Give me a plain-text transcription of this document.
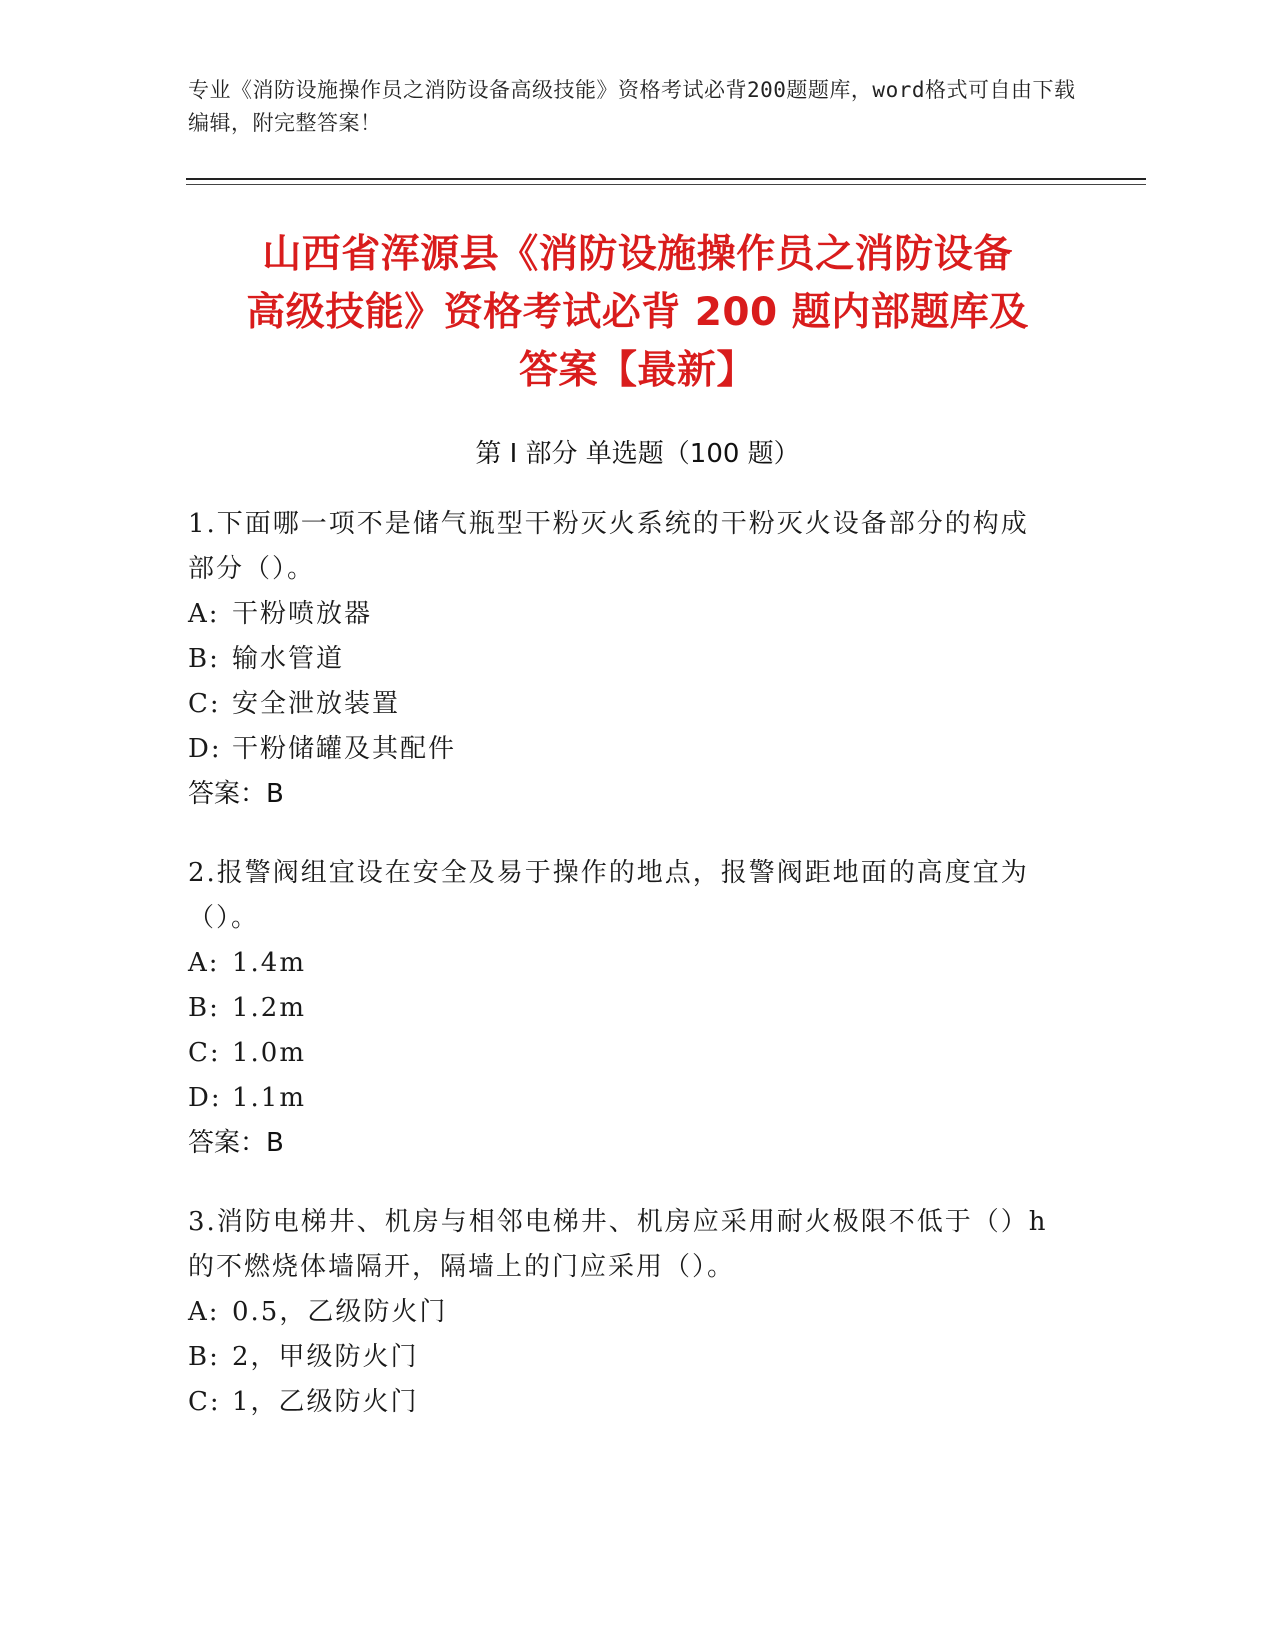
专业《消防设施操作员之消防设备高级技能》资格考试必背200题题库，word格式可自由下载编辑，附完整答案！
山西省浑源县《消防设施操作员之消防设备
高级技能》资格考试必背 200 题内部题库及
答案【最新】
第 I 部分 单选题（100 题）
1.下面哪一项不是储气瓶型干粉灭火系统的干粉灭火设备部分的构成
部分（）。
A: 干粉喷放器
B: 输水管道
C: 安全泄放装置
D: 干粉储罐及其配件
答案：B
2.报警阀组宜设在安全及易于操作的地点，报警阀距地面的高度宜为
（）。
A: 1.4m
B: 1.2m
C: 1.0m
D: 1.1m
答案：B
3.消防电梯井、机房与相邻电梯井、机房应采用耐火极限不低于（）h
的不燃烧体墙隔开，隔墙上的门应采用（）。
A: 0.5，乙级防火门
B: 2，甲级防火门
C: 1，乙级防火门
